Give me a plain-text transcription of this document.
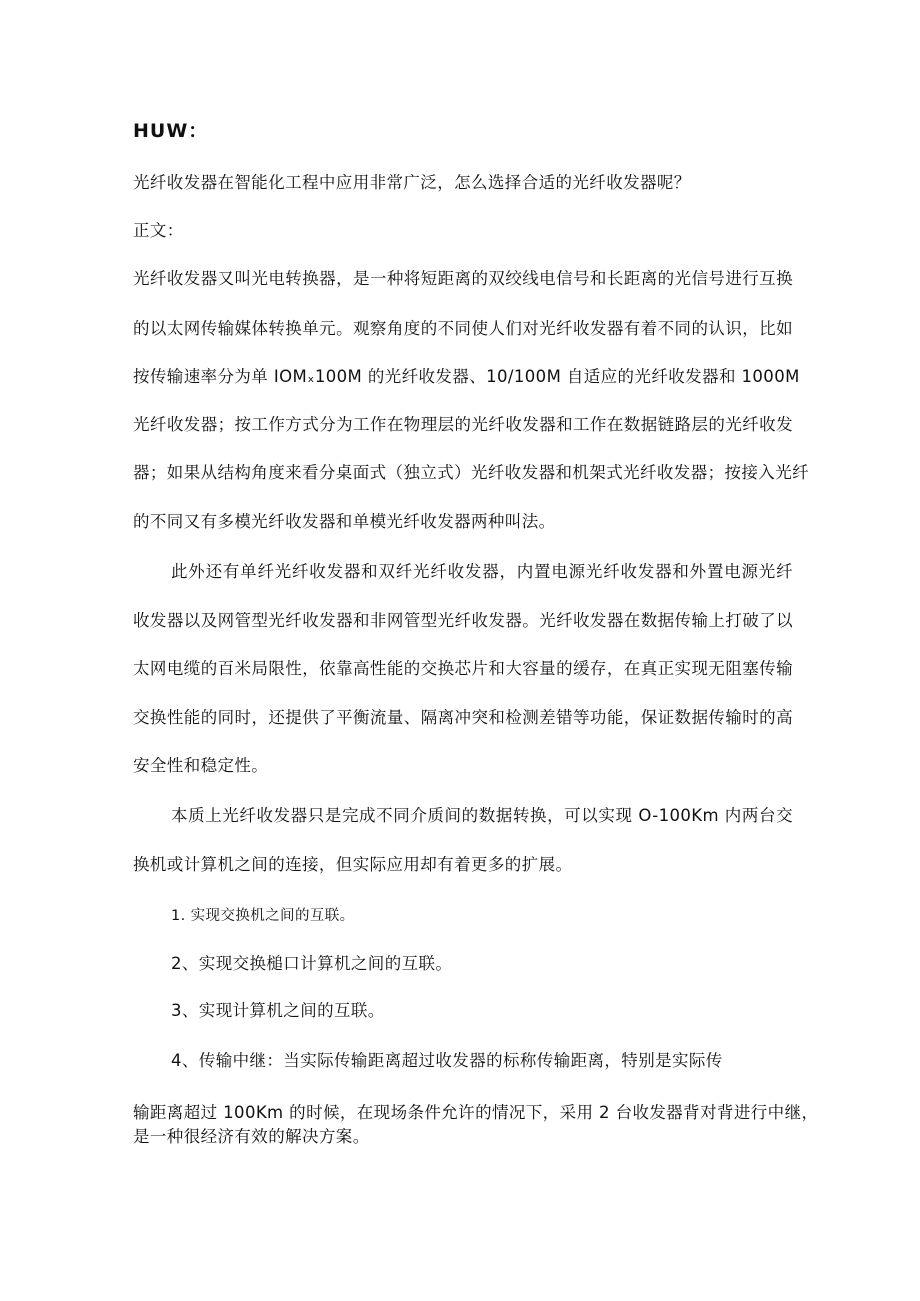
HUW：
光纤收发器在智能化工程中应用非常广泛，怎么选择合适的光纤收发器呢？
正文：
光纤收发器又叫光电转换器，是一种将短距离的双绞线电信号和长距离的光信号进行互换
的以太网传输媒体转换单元。观察角度的不同使人们对光纤收发器有着不同的认识，比如
按传输速率分为单 IOMₓ100M 的光纤收发器、10/100M 自适应的光纤收发器和 1000M
光纤收发器；按工作方式分为工作在物理层的光纤收发器和工作在数据链路层的光纤收发
器；如果从结构角度来看分桌面式（独立式）光纤收发器和机架式光纤收发器；按接入光纤
的不同又有多模光纤收发器和单模光纤收发器两种叫法。
此外还有单纤光纤收发器和双纤光纤收发器，内置电源光纤收发器和外置电源光纤
收发器以及网管型光纤收发器和非网管型光纤收发器。光纤收发器在数据传输上打破了以
太网电缆的百米局限性，依靠高性能的交换芯片和大容量的缓存，在真正实现无阻塞传输
交换性能的同时，还提供了平衡流量、隔离冲突和检测差错等功能，保证数据传输时的高
安全性和稳定性。
本质上光纤收发器只是完成不同介质间的数据转换，可以实现 O-100Km 内两台交
换机或计算机之间的连接，但实际应用却有着更多的扩展。
1. 实现交换机之间的互联。
2、实现交换槌口计算机之间的互联。
3、实现计算机之间的互联。
4、传输中继：当实际传输距离超过收发器的标称传输距离，特别是实际传
输距离超过 100Km 的时候，在现场条件允许的情况下，采用 2 台收发器背对背进行中继，
是一种很经济有效的解决方案。
